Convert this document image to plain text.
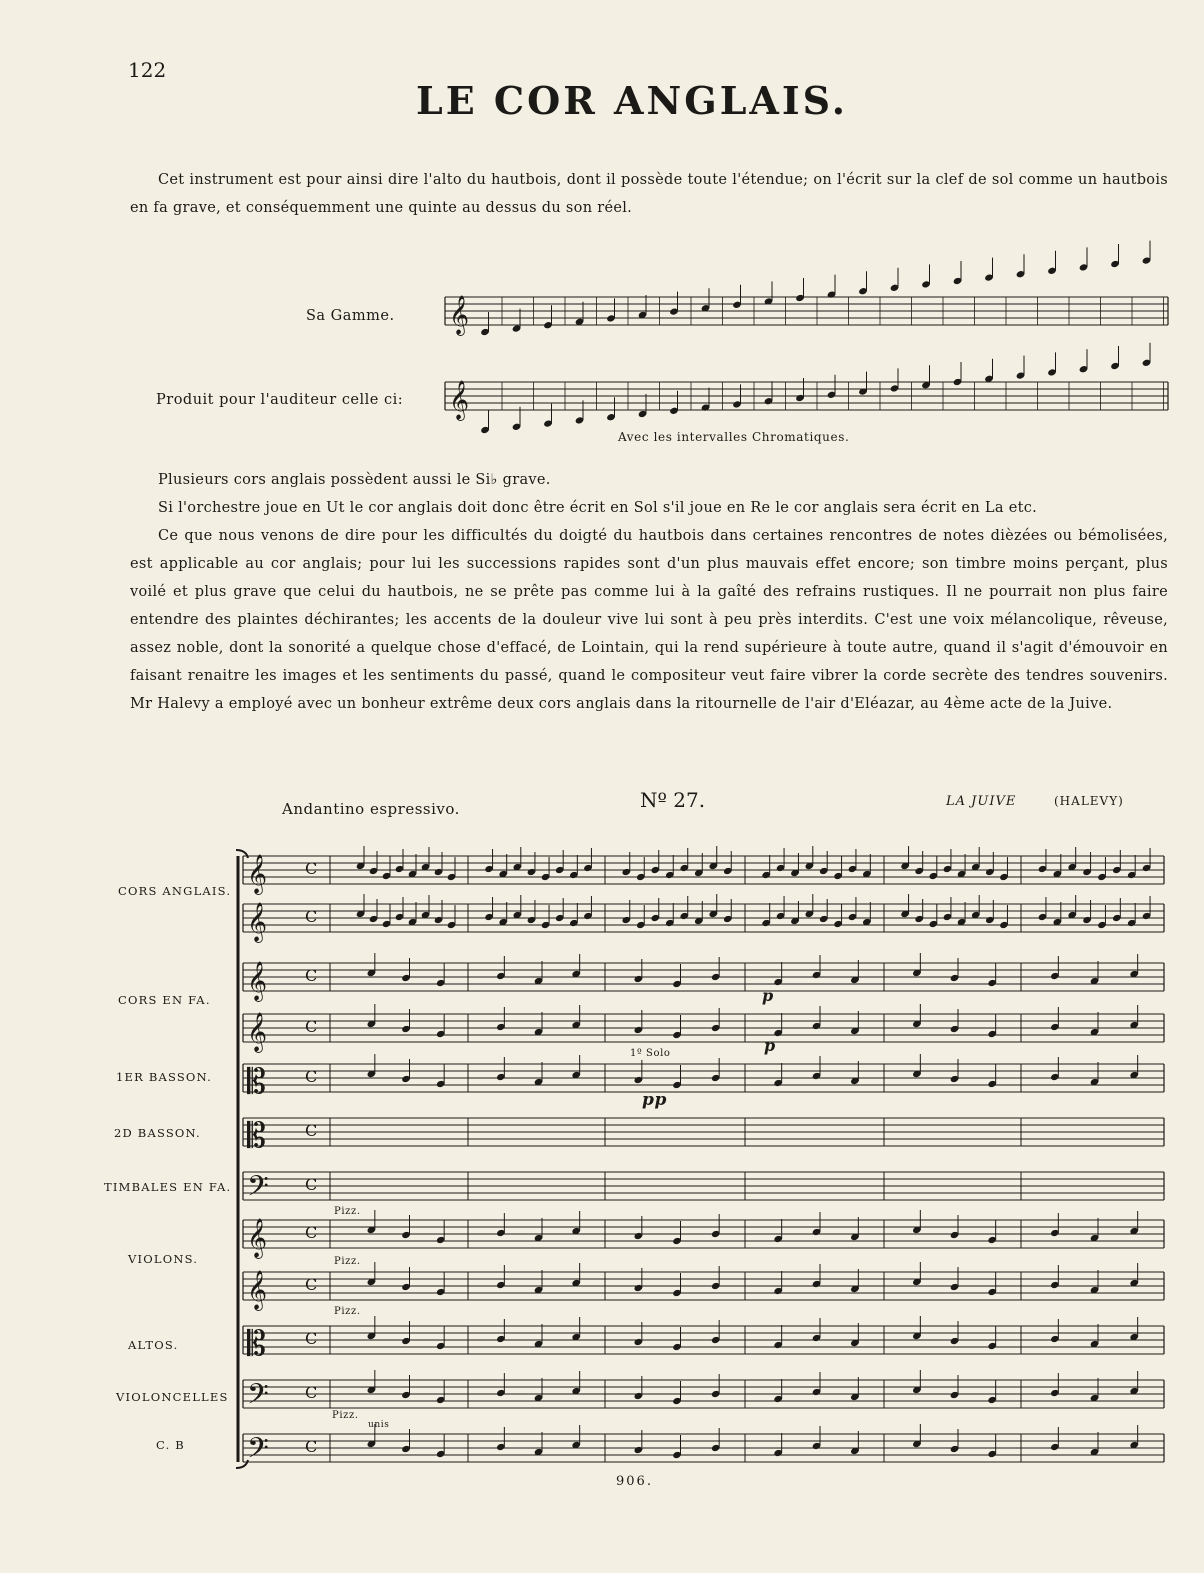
122
LE COR ANGLAIS.

Cet instrument est pour ainsi dire l'alto du hautbois, dont il possède toute l'étendue; on l'écrit sur la clef de sol comme un hautbois en fa grave, et conséquemment une quinte au dessus du son réel.

Sa Gamme.
Produit pour l'auditeur celle ci:
Avec les intervalles Chromatiques.

Plusieurs cors anglais possèdent aussi le Si♭ grave.

Si l'orchestre joue en Ut le cor anglais doit donc être écrit en Sol s'il joue en Re le cor anglais sera écrit en La etc.

Ce que nous venons de dire pour les difficultés du doigté du hautbois dans certaines rencontres de notes dièzées ou bémolisées, est applicable au cor anglais; pour lui les successions rapides sont d'un plus mauvais effet encore; son timbre moins perçant, plus voilé et plus grave que celui du hautbois, ne se prête pas comme lui à la gaîté des refrains rustiques. Il ne pourrait non plus faire entendre des plaintes déchirantes; les accents de la douleur vive lui sont à peu près interdits. C'est une voix mélancolique, rêveuse, assez noble, dont la sonorité a quelque chose d'effacé, de Lointain, qui la rend supérieure à toute autre, quand il s'agit d'émouvoir en faisant renaitre les images et les sentiments du passé, quand le compositeur veut faire vibrer la corde secrète des tendres souvenirs. Mr Halevy a employé avec un bonheur extrême deux cors anglais dans la ritournelle de l'air d'Eléazar, au 4ème acte de la Juive.

Andantino espressivo.	Nº 27.	LA JUIVE	(HALEVY)
CORS ANGLAIS.
CORS EN FA.
1ER BASSON.
2D BASSON.
TIMBALES EN FA.
VIOLONS.
ALTOS.
VIOLONCELLES
C. B
Pizz.
Pizz.
Pizz.
Pizz.
unis
1º Solo
pp
p
p
906.
𝄞
𝄞
𝄞 C
𝄞 C
𝄞 C
𝄞 C
𝄡 C
𝄡 C
𝄢 C
𝄞 C
𝄞 C
𝄡 C
𝄢 C
𝄢 C
